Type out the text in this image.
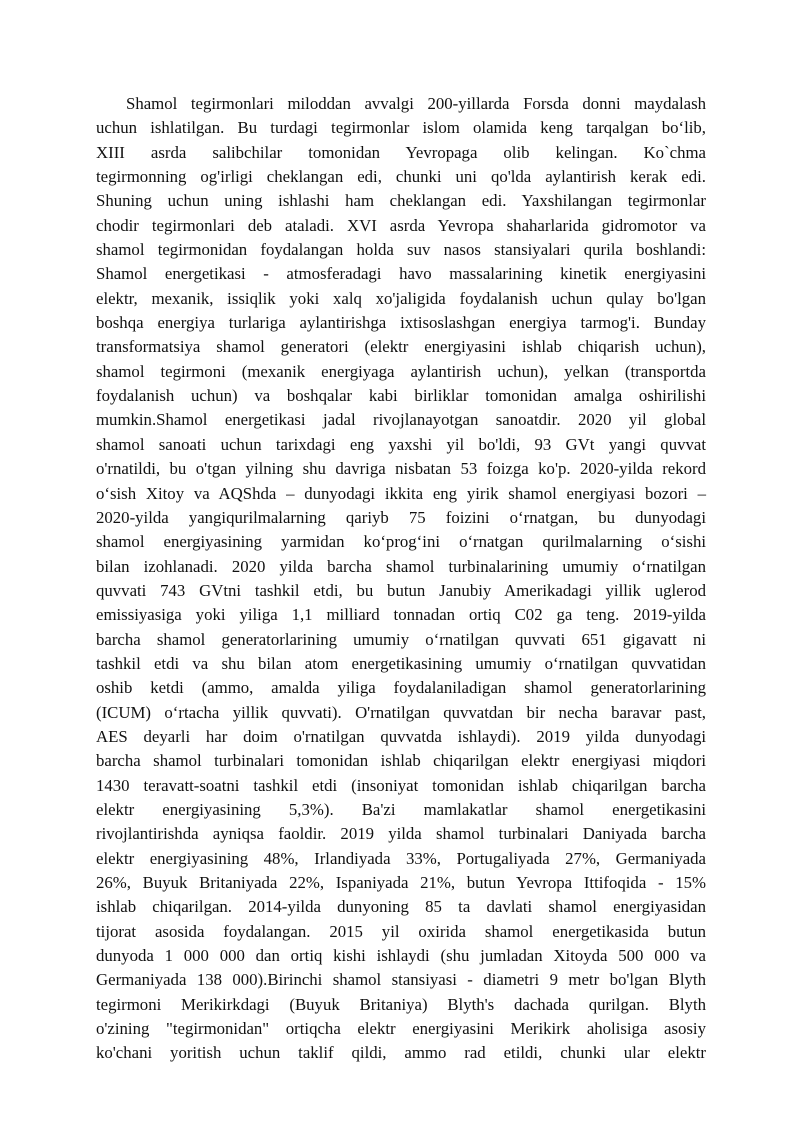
Shamol tegirmonlari miloddan avvalgi 200-yillarda Forsda donni maydalash
uchun ishlatilgan. Bu turdagi tegirmonlar islom olamida keng tarqalgan bo‘lib,
XIII asrda salibchilar tomonidan Yevropaga olib kelingan. Ko`chma
tegirmonning og'irligi cheklangan edi, chunki uni qo'lda aylantirish kerak edi.
Shuning uchun uning ishlashi ham cheklangan edi. Yaxshilangan tegirmonlar
chodir tegirmonlari deb ataladi. XVI asrda Yevropa shaharlarida gidromotor va
shamol tegirmonidan foydalangan holda suv nasos stansiyalari qurila boshlandi:
Shamol energetikasi - atmosferadagi havo massalarining kinetik energiyasini
elektr, mexanik, issiqlik yoki xalq xo'jaligida foydalanish uchun qulay bo'lgan
boshqa energiya turlariga aylantirishga ixtisoslashgan energiya tarmog'i. Bunday
transformatsiya shamol generatori (elektr energiyasini ishlab chiqarish uchun),
shamol tegirmoni (mexanik energiyaga aylantirish uchun), yelkan (transportda
foydalanish uchun) va boshqalar kabi birliklar tomonidan amalga oshirilishi
mumkin.Shamol energetikasi jadal rivojlanayotgan sanoatdir. 2020 yil global
shamol sanoati uchun tarixdagi eng yaxshi yil bo'ldi, 93 GVt yangi quvvat
o'rnatildi, bu o'tgan yilning shu davriga nisbatan 53 foizga ko'p. 2020-yilda rekord
o‘sish Xitoy va AQShda – dunyodagi ikkita eng yirik shamol energiyasi bozori –
2020-yilda yangiqurilmalarning qariyb 75 foizini o‘rnatgan, bu dunyodagi
shamol energiyasining yarmidan ko‘prog‘ini o‘rnatgan qurilmalarning o‘sishi
bilan izohlanadi. 2020 yilda barcha shamol turbinalarining umumiy o‘rnatilgan
quvvati 743 GVtni tashkil etdi, bu butun Janubiy Amerikadagi yillik uglerod
emissiyasiga yoki yiliga 1,1 milliard tonnadan ortiq C02 ga teng. 2019-yilda
barcha shamol generatorlarining umumiy o‘rnatilgan quvvati 651 gigavatt ni
tashkil etdi va shu bilan atom energetikasining umumiy o‘rnatilgan quvvatidan
oshib ketdi (ammo, amalda yiliga foydalaniladigan shamol generatorlarining
(ICUM) o‘rtacha yillik quvvati). O'rnatilgan quvvatdan bir necha baravar past,
AES deyarli har doim o'rnatilgan quvvatda ishlaydi). 2019 yilda dunyodagi
barcha shamol turbinalari tomonidan ishlab chiqarilgan elektr energiyasi miqdori
1430 teravatt-soatni tashkil etdi (insoniyat tomonidan ishlab chiqarilgan barcha
elektr energiyasining 5,3%). Ba'zi mamlakatlar shamol energetikasini
rivojlantirishda ayniqsa faoldir. 2019 yilda shamol turbinalari Daniyada barcha
elektr energiyasining 48%, Irlandiyada 33%, Portugaliyada 27%, Germaniyada
26%, Buyuk Britaniyada 22%, Ispaniyada 21%, butun Yevropa Ittifoqida - 15%
ishlab chiqarilgan. 2014-yilda dunyoning 85 ta davlati shamol energiyasidan
tijorat asosida foydalangan. 2015 yil oxirida shamol energetikasida butun
dunyoda 1 000 000 dan ortiq kishi ishlaydi (shu jumladan Xitoyda 500 000 va
Germaniyada 138 000).Birinchi shamol stansiyasi - diametri 9 metr bo'lgan Blyth
tegirmoni Merikirkdagi (Buyuk Britaniya) Blyth's dachada qurilgan. Blyth
o'zining "tegirmonidan" ortiqcha elektr energiyasini Merikirk aholisiga asosiy
ko'chani yoritish uchun taklif qildi, ammo rad etildi, chunki ular elektr
